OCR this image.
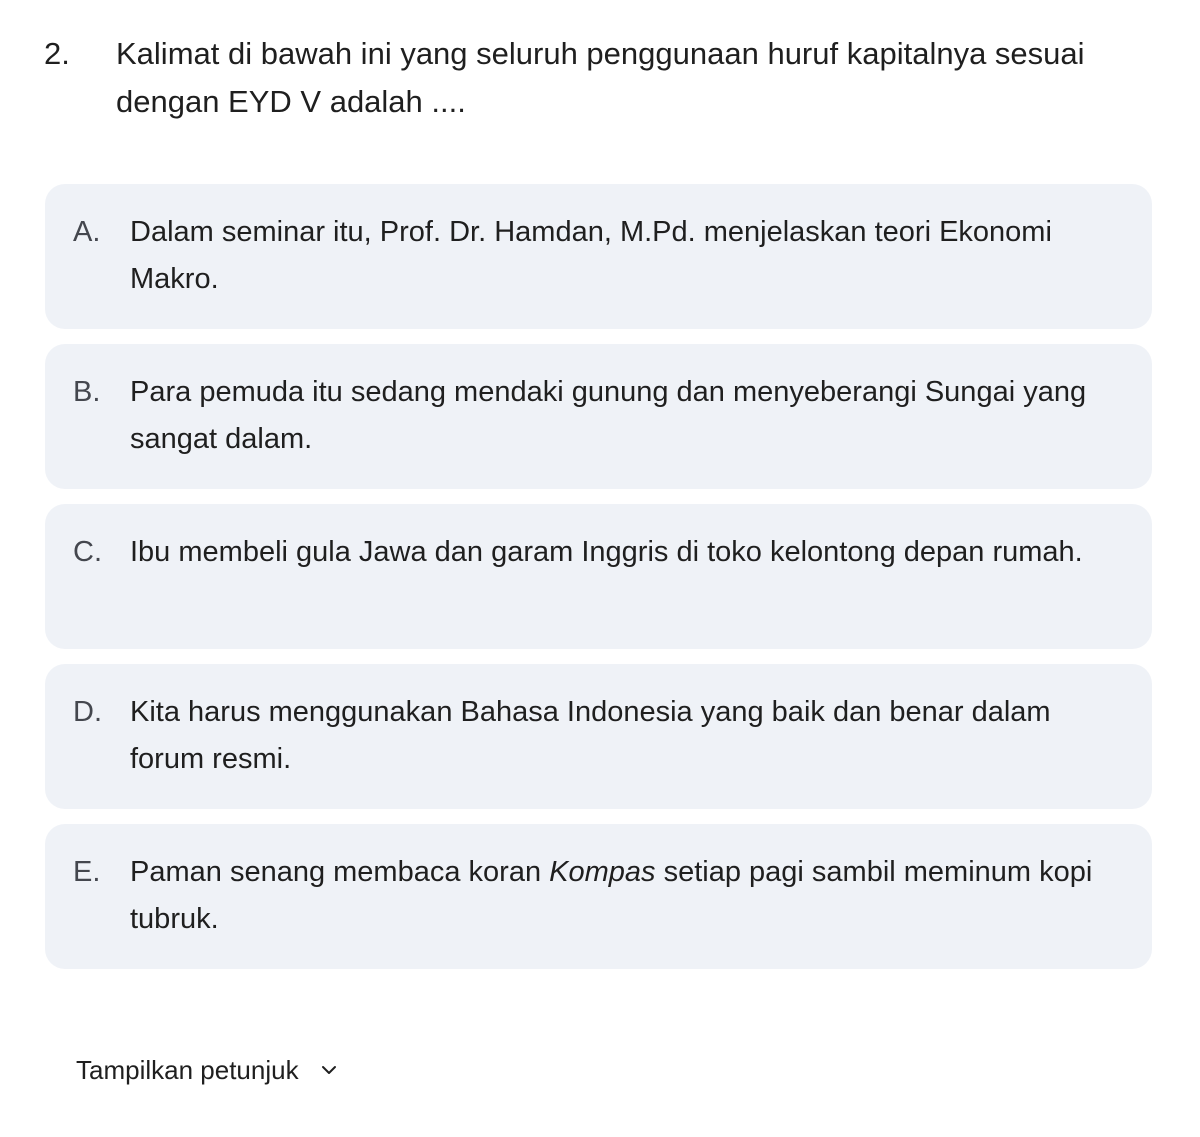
2.	Kalimat di bawah ini yang seluruh penggunaan huruf kapitalnya sesuai dengan EYD V adalah ....
A.	Dalam seminar itu, Prof. Dr. Hamdan, M.Pd. menjelaskan teori Ekonomi Makro.
B.	Para pemuda itu sedang mendaki gunung dan menyeberangi Sungai yang sangat dalam.
C. Ibu membeli gula Jawa dan garam Inggris di toko kelontong depan rumah.
D. Kita harus menggunakan Bahasa Indonesia yang baik dan benar dalam forum resmi.
E.	Paman senang membaca koran Kompas setiap pagi sambil meminum kopi tubruk.
Tampilkan petunjuk
